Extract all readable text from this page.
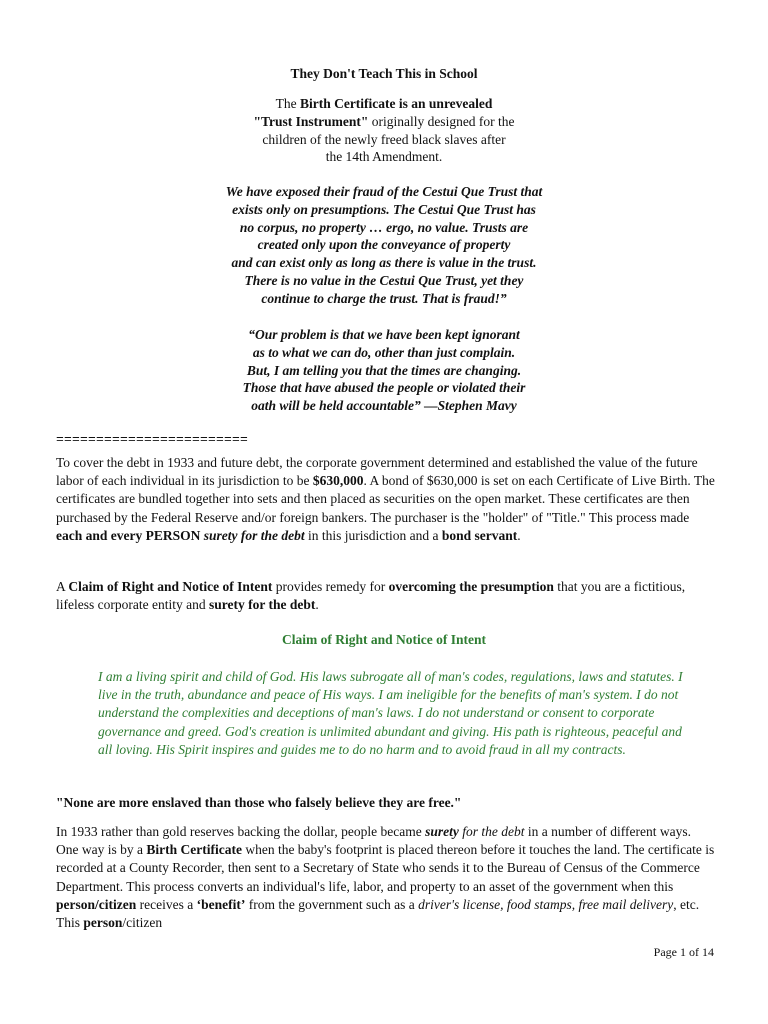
They Don't Teach This in School
The Birth Certificate is an unrevealed
"Trust Instrument" originally designed for the
children of the newly freed black slaves after
the 14th Amendment.
We have exposed their fraud of the Cestui Que Trust that
exists only on presumptions. The Cestui Que Trust has
no corpus, no property … ergo, no value. Trusts are
created only upon the conveyance of property
and can exist only as long as there is value in the trust.
There is no value in the Cestui Que Trust, yet they
continue to charge the trust. That is fraud!”
“Our problem is that we have been kept ignorant
as to what we can do, other than just complain.
But, I am telling you that the times are changing.
Those that have abused the people or violated their
oath will be held accountable” —Stephen Mavy
========================
To cover the debt in 1933 and future debt, the corporate government determined and established the value of the future labor of each individual in its jurisdiction to be $630,000. A bond of $630,000 is set on each Certificate of Live Birth. The certificates are bundled together into sets and then placed as securities on the open market. These certificates are then purchased by the Federal Reserve and/or foreign bankers. The purchaser is the "holder" of "Title." This process made each and every PERSON surety for the debt in this jurisdiction and a bond servant.
A Claim of Right and Notice of Intent provides remedy for overcoming the presumption that you are a fictitious, lifeless corporate entity and surety for the debt.
Claim of Right and Notice of Intent
I am a living spirit and child of God. His laws subrogate all of man's codes, regulations, laws and statutes. I live in the truth, abundance and peace of His ways. I am ineligible for the benefits of man's system. I do not understand the complexities and deceptions of man's laws. I do not understand or consent to corporate governance and greed. God's creation is unlimited abundant and giving. His path is righteous, peaceful and all loving. His Spirit inspires and guides me to do no harm and to avoid fraud in all my contracts.
"None are more enslaved than those who falsely believe they are free."
In 1933 rather than gold reserves backing the dollar, people became surety for the debt in a number of different ways. One way is by a Birth Certificate when the baby's footprint is placed thereon before it touches the land. The certificate is recorded at a County Recorder, then sent to a Secretary of State who sends it to the Bureau of Census of the Commerce Department. This process converts an individual's life, labor, and property to an asset of the government when this person/citizen receives a ‘benefit’ from the government such as a driver's license, food stamps, free mail delivery, etc. This person/citizen
Page 1 of 14
